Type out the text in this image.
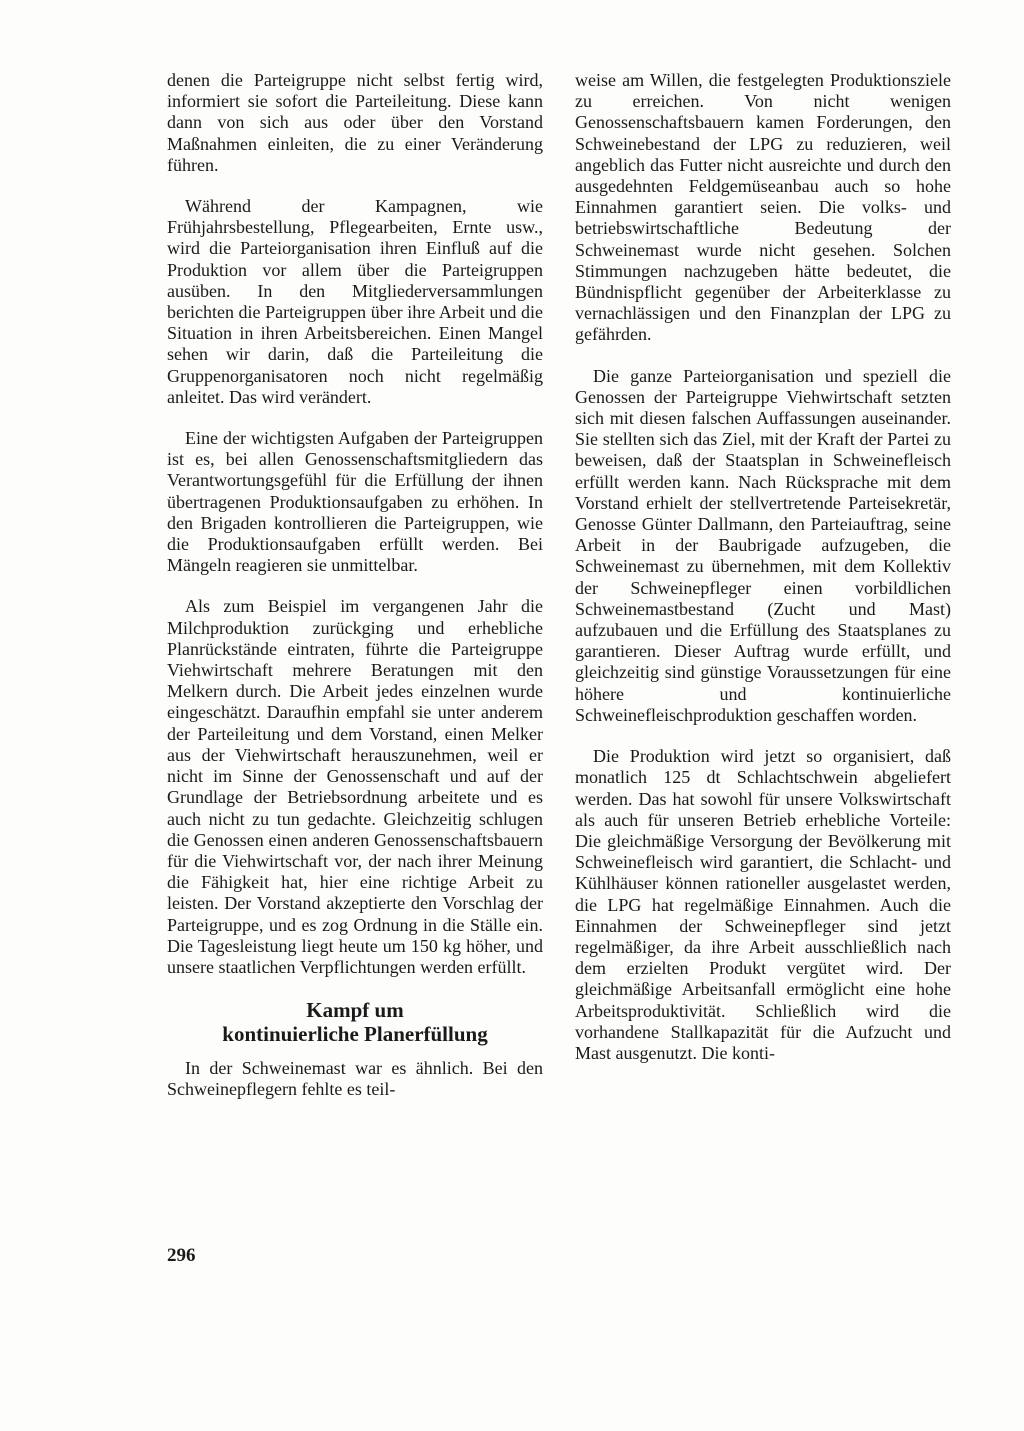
denen die Parteigruppe nicht selbst fertig wird, informiert sie sofort die Parteileitung. Diese kann dann von sich aus oder über den Vorstand Maßnahmen einleiten, die zu einer Veränderung führen.

Während der Kampagnen, wie Frühjahrsbestellung, Pflegearbeiten, Ernte usw., wird die Parteiorganisation ihren Einfluß auf die Produktion vor allem über die Parteigruppen ausüben. In den Mitgliederversammlungen berichten die Parteigruppen über ihre Arbeit und die Situation in ihren Arbeitsbereichen. Einen Mangel sehen wir darin, daß die Parteileitung die Gruppenorganisatoren noch nicht regelmäßig anleitet. Das wird verändert.

Eine der wichtigsten Aufgaben der Parteigruppen ist es, bei allen Genossenschaftsmitgliedern das Verantwortungsgefühl für die Erfüllung der ihnen übertragenen Produktionsaufgaben zu erhöhen. In den Brigaden kontrollieren die Parteigruppen, wie die Produktionsaufgaben erfüllt werden. Bei Mängeln reagieren sie unmittelbar.

Als zum Beispiel im vergangenen Jahr die Milchproduktion zurückging und erhebliche Planrückstände eintraten, führte die Parteigruppe Viehwirtschaft mehrere Beratungen mit den Melkern durch. Die Arbeit jedes einzelnen wurde eingeschätzt. Daraufhin empfahl sie unter anderem der Parteileitung und dem Vorstand, einen Melker aus der Viehwirtschaft herauszunehmen, weil er nicht im Sinne der Genossenschaft und auf der Grundlage der Betriebsordnung arbeitete und es auch nicht zu tun gedachte. Gleichzeitig schlugen die Genossen einen anderen Genossenschaftsbauern für die Viehwirtschaft vor, der nach ihrer Meinung die Fähigkeit hat, hier eine richtige Arbeit zu leisten. Der Vorstand akzeptierte den Vorschlag der Parteigruppe, und es zog Ordnung in die Ställe ein. Die Tagesleistung liegt heute um 150 kg höher, und unsere staatlichen Verpflichtungen werden erfüllt.

Kampf um
kontinuierliche Planerfüllung

In der Schweinemast war es ähnlich. Bei den Schweinepflegern fehlte es teil-

weise am Willen, die festgelegten Produktionsziele zu erreichen. Von nicht wenigen Genossenschaftsbauern kamen Forderungen, den Schweinebestand der LPG zu reduzieren, weil angeblich das Futter nicht ausreichte und durch den ausgedehnten Feldgemüseanbau auch so hohe Einnahmen garantiert seien. Die volks- und betriebswirtschaftliche Bedeutung der Schweinemast wurde nicht gesehen. Solchen Stimmungen nachzugeben hätte bedeutet, die Bündnispflicht gegenüber der Arbeiterklasse zu vernachlässigen und den Finanzplan der LPG zu gefährden.

Die ganze Parteiorganisation und speziell die Genossen der Parteigruppe Viehwirtschaft setzten sich mit diesen falschen Auffassungen auseinander. Sie stellten sich das Ziel, mit der Kraft der Partei zu beweisen, daß der Staatsplan in Schweinefleisch erfüllt werden kann. Nach Rücksprache mit dem Vorstand erhielt der stellvertretende Parteisekretär, Genosse Günter Dallmann, den Parteiauftrag, seine Arbeit in der Baubrigade aufzugeben, die Schweinemast zu übernehmen, mit dem Kollektiv der Schweinepfleger einen vorbildlichen Schweinemastbestand (Zucht und Mast) aufzubauen und die Erfüllung des Staatsplanes zu garantieren. Dieser Auftrag wurde erfüllt, und gleichzeitig sind günstige Voraussetzungen für eine höhere und kontinuierliche Schweinefleischproduktion geschaffen worden.

Die Produktion wird jetzt so organisiert, daß monatlich 125 dt Schlachtschwein abgeliefert werden. Das hat sowohl für unsere Volkswirtschaft als auch für unseren Betrieb erhebliche Vorteile: Die gleichmäßige Versorgung der Bevölkerung mit Schweinefleisch wird garantiert, die Schlacht- und Kühlhäuser können rationeller ausgelastet werden, die LPG hat regelmäßige Einnahmen. Auch die Einnahmen der Schweinepfleger sind jetzt regelmäßiger, da ihre Arbeit ausschließlich nach dem erzielten Produkt vergütet wird. Der gleichmäßige Arbeitsanfall ermöglicht eine hohe Arbeitsproduktivität. Schließlich wird die vorhandene Stallkapazität für die Aufzucht und Mast ausgenutzt. Die konti-

296
